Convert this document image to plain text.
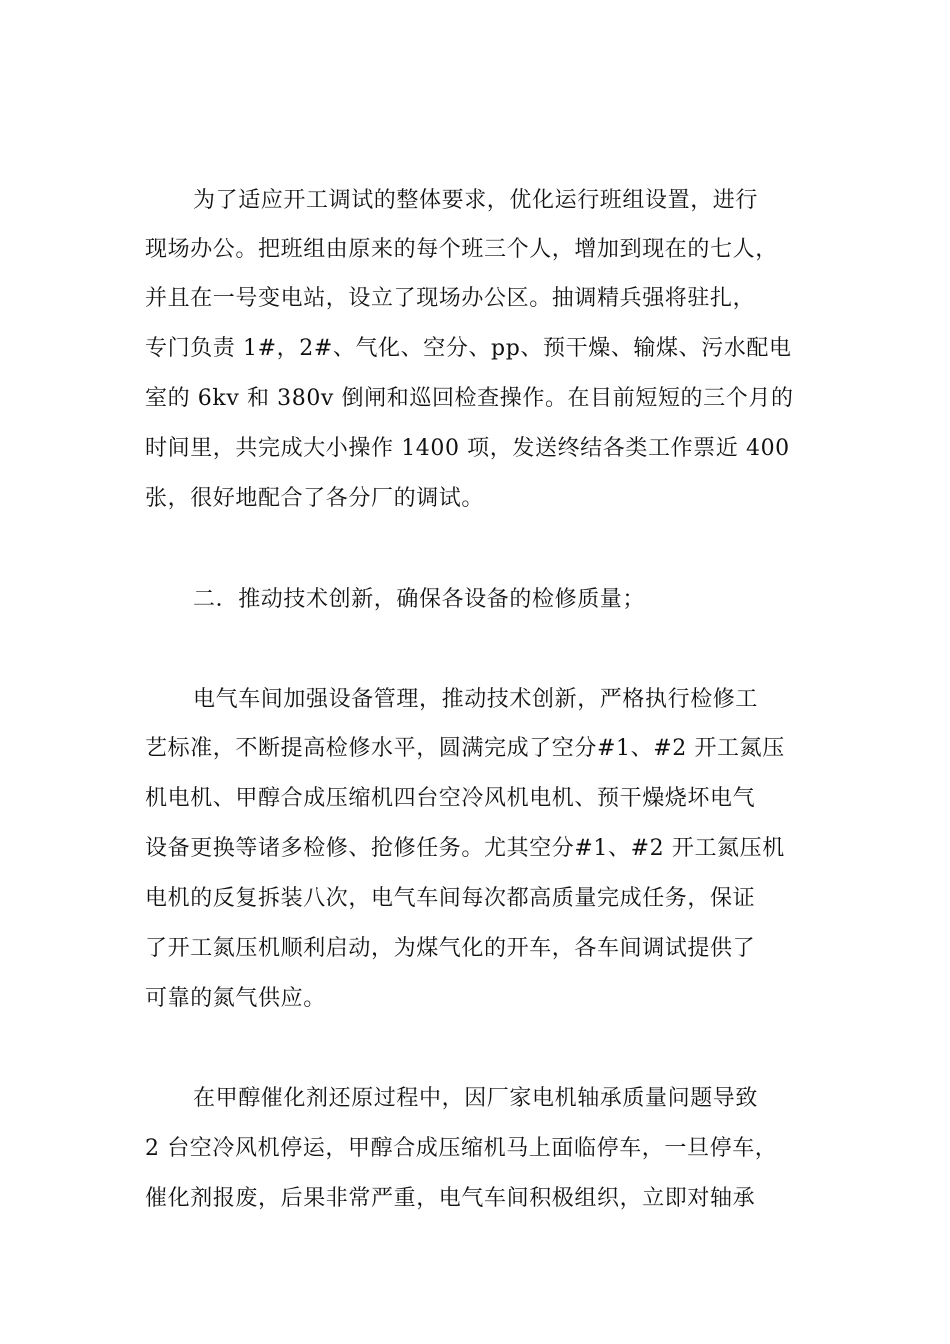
为了适应开工调试的整体要求，优化运行班组设置，进行
现场办公。把班组由原来的每个班三个人，增加到现在的七人，
并且在一号变电站，设立了现场办公区。抽调精兵强将驻扎，
专门负责 1#，2#、气化、空分、pp、预干燥、输煤、污水配电
室的 6kv 和 380v 倒闸和巡回检查操作。在目前短短的三个月的
时间里，共完成大小操作 1400 项，发送终结各类工作票近 400
张，很好地配合了各分厂的调试。
二．推动技术创新，确保各设备的检修质量；
电气车间加强设备管理，推动技术创新，严格执行检修工
艺标准，不断提高检修水平，圆满完成了空分#1、#2 开工氮压
机电机、甲醇合成压缩机四台空冷风机电机、预干燥烧坏电气
设备更换等诸多检修、抢修任务。尤其空分#1、#2 开工氮压机
电机的反复拆装八次，电气车间每次都高质量完成任务，保证
了开工氮压机顺利启动，为煤气化的开车，各车间调试提供了
可靠的氮气供应。
在甲醇催化剂还原过程中，因厂家电机轴承质量问题导致
2 台空冷风机停运，甲醇合成压缩机马上面临停车，一旦停车，
催化剂报废，后果非常严重，电气车间积极组织，立即对轴承
